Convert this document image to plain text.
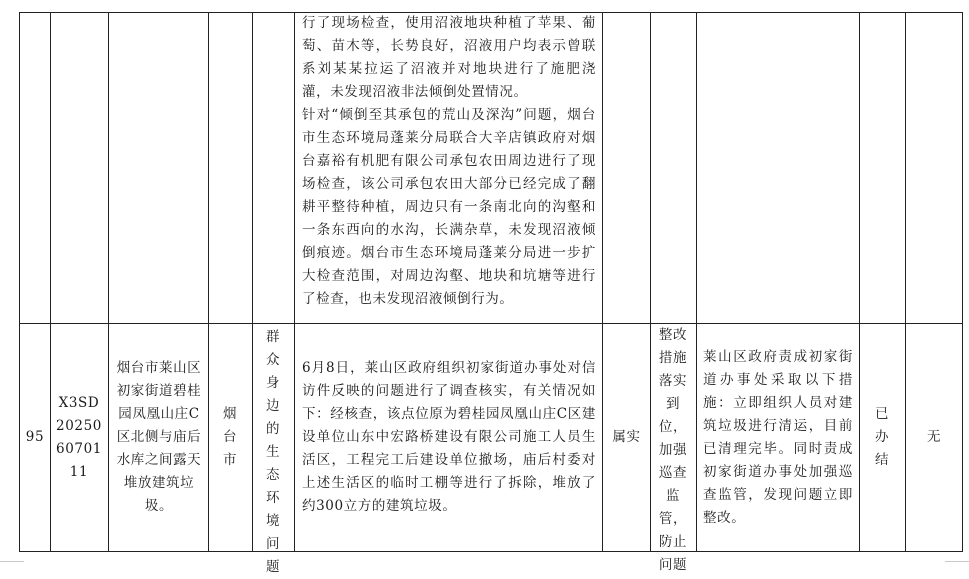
行了现场检查，使用沼液地块种植了苹果、葡萄、苗木等，长势良好，沼液用户均表示曾联系刘某某拉运了沼液并对地块进行了施肥浇灌，未发现沼液非法倾倒处置情况。
针对“倾倒至其承包的荒山及深沟”问题，烟台市生态环境局蓬莱分局联合大辛店镇政府对烟台嘉裕有机肥有限公司承包农田周边进行了现场检查，该公司承包农田大部分已经完成了翻耕平整待种植，周边只有一条南北向的沟壑和一条东西向的水沟，长满杂草，未发现沼液倾倒痕迹。烟台市生态环境局蓬莱分局进一步扩大检查范围，对周边沟壑、地块和坑塘等进行了检查，也未发现沼液倾倒行为。
95
X3SD202506070111
烟台市莱山区初家街道碧桂园凤凰山庄C区北侧与庙后水库之间露天堆放建筑垃圾。
烟台市
群众身边的生态环境问题
6月8日，莱山区政府组织初家街道办事处对信访件反映的问题进行了调查核实，有关情况如下：经核查，该点位原为碧桂园凤凰山庄C区建设单位山东中宏路桥建设有限公司施工人员生活区，工程完工后建设单位撤场，庙后村委对上述生活区的临时工棚等进行了拆除，堆放了约300立方的建筑垃圾。
属实
整改措施落实到位，加强巡查监管，防止问题
莱山区政府责成初家街道办事处采取以下措施：立即组织人员对建筑垃圾进行清运，目前已清理完毕。同时责成初家街道办事处加强巡查监管，发现问题立即整改。
已办结
无
